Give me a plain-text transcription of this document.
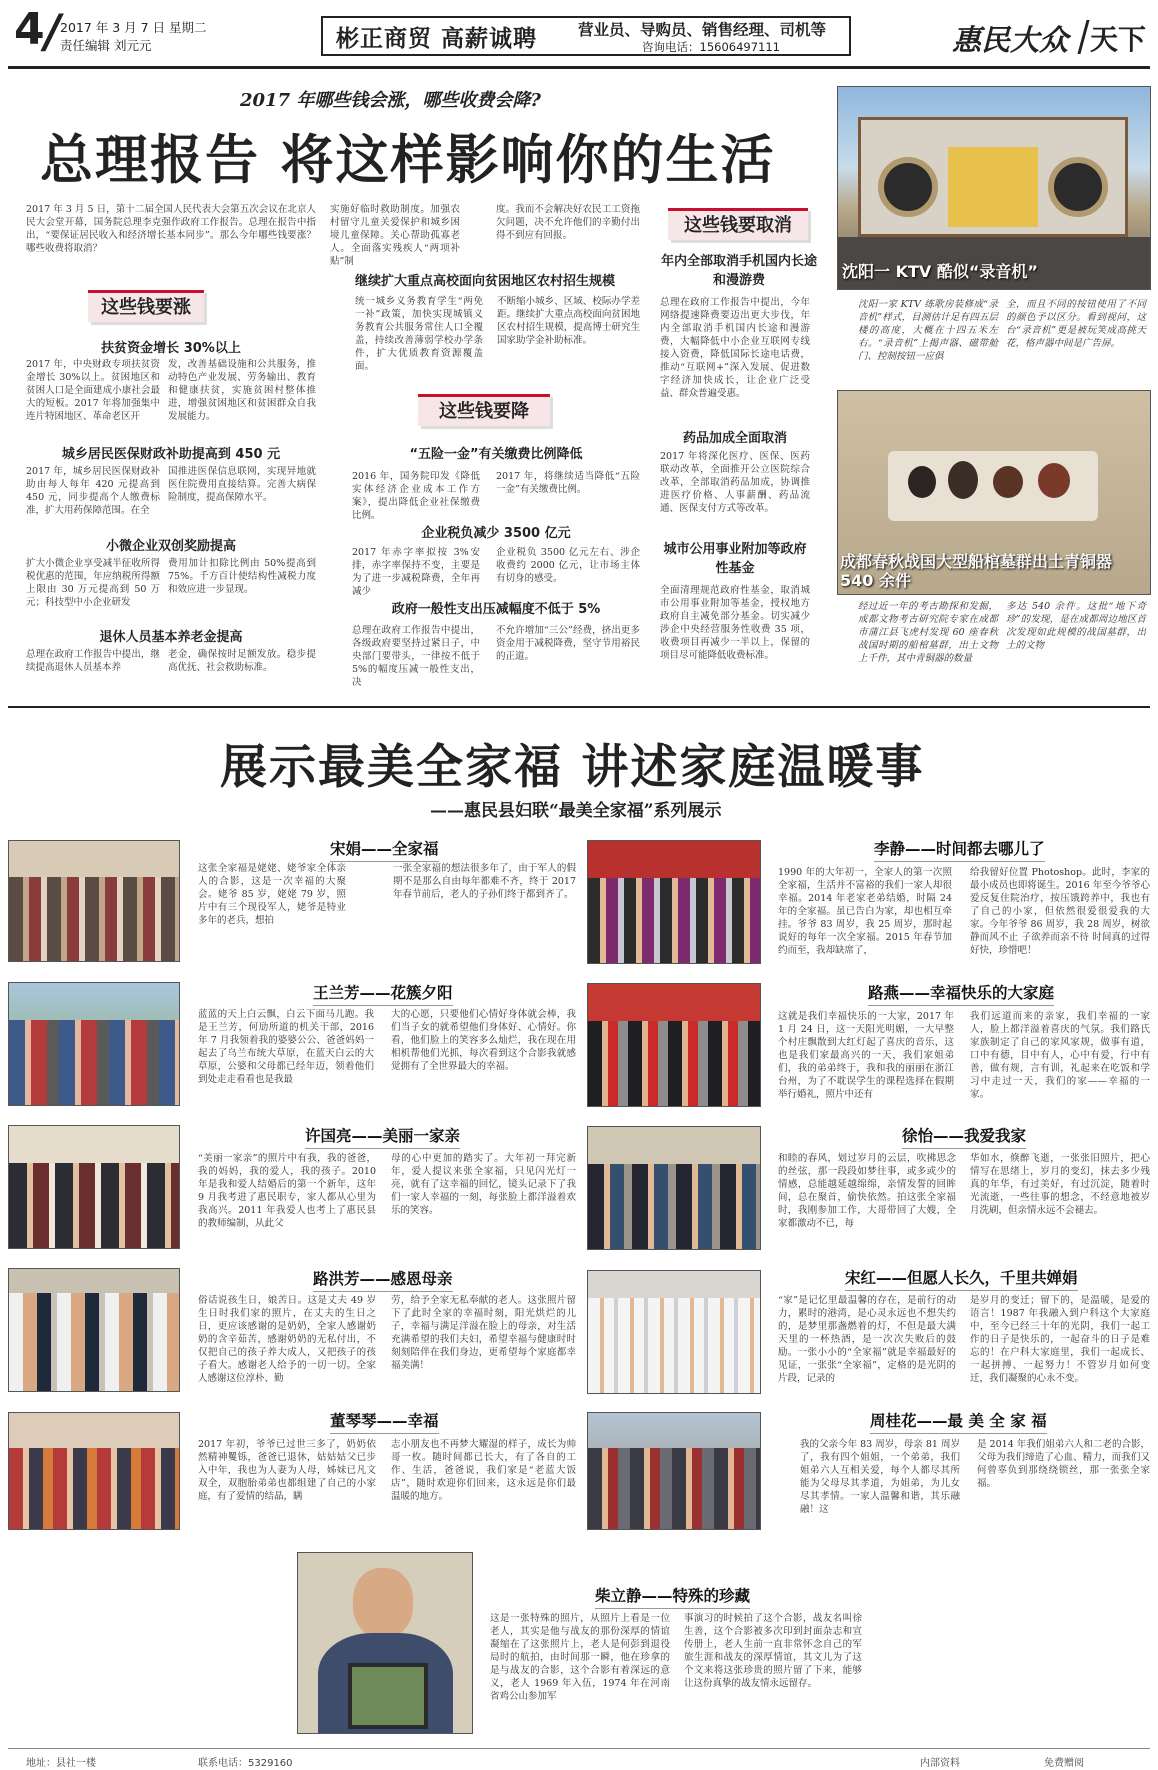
4
/
2017 年 3 月 7 日 星期二
责任编辑 刘元元	彬正商贸 高薪诚聘	营业员、导购员、销售经理、司机等
咨询电话：15606497111	惠民大众 天下
2017 年哪些钱会涨，哪些收费会降?
总理报告 将这样影响你的生活
2017 年 3 月 5 日，第十二届全国人民代表大会第五次会议在北京人民大会堂开幕，国务院总理李克强作政府工作报告。总理在报告中指出，“要保证居民收入和经济增长基本同步”。那么今年哪些钱要涨？哪些收费将取消？
实施好临时救助制度。加强农村留守儿童关爱保护和城乡困境儿童保障。关心帮助孤寡老人。全面落实残疾人“两项补贴”制
度。我而不会解决好农民工工资拖欠问题，决不允许他们的辛勤付出得不到应有回报。
这些钱要涨
扶贫资金增长 30%以上
2017 年，中央财政专项扶贫资金增长 30%以上。贫困地区和贫困人口是全面建成小康社会最大的短板。2017 年将加强集中连片特困地区、革命老区开
发，改善基础设施和公共服务，推动特色产业发展、劳务输出、教育和健康扶贫，实施贫困村整体推进，增强贫困地区和贫困群众自我发展能力。
城乡居民医保财政补助提高到 450 元
2017 年，城乡居民医保财政补助由每人每年 420 元提高到 450 元，同步提高个人缴费标准，扩大用药保障范围。在全
国推进医保信息联网，实现异地就医住院费用直接结算。完善大病保险制度，提高保障水平。
小微企业双创奖励提高
扩大小微企业享受减半征收所得税优惠的范围，年应纳税所得额上限由 30 万元提高到 50 万元；科技型中小企业研发
费用加计扣除比例由 50%提高到 75%。千方百计使结构性减税力度和效应进一步显现。
退休人员基本养老金提高
总理在政府工作报告中提出，继续提高退休人员基本养
老金，确保按时足额发放。稳步提高优抚、社会救助标准。
继续扩大重点高校面向贫困地区农村招生规模
统一城乡义务教育学生“两免一补”政策，加快实现城镇义务教育公共服务常住人口全覆盖，持续改善薄弱学校办学条件，扩大优质教育资源覆盖面。
不断缩小城乡、区域、校际办学差距。继续扩大重点高校面向贫困地区农村招生规模，提高博士研究生国家助学金补助标准。
这些钱要降
“五险一金”有关缴费比例降低
2016 年，国务院印发《降低实体经济企业成本工作方案》，提出降低企业社保缴费比例。
2017 年，将继续适当降低“五险一金”有关缴费比例。
企业税负减少 3500 亿元
2017 年赤字率拟按 3%安排，赤字率保持不变，主要是为了进一步减税降费，全年再减少
企业税负 3500 亿元左右、涉企收费约 2000 亿元，让市场主体有切身的感受。
政府一般性支出压减幅度不低于 5%
总理在政府工作报告中提出，各级政府要坚持过紧日子，中央部门要带头，一律按不低于 5%的幅度压减一般性支出，决
不允许增加“三公”经费，挤出更多资金用于减税降费，坚守节用裕民的正道。
这些钱要取消
年内全部取消手机国内长途和漫游费
总理在政府工作报告中提出，今年网络提速降费要迈出更大步伐，年内全部取消手机国内长途和漫游费，大幅降低中小企业互联网专线接入资费，降低国际长途电话费，推动“互联网+”深入发展、促进数字经济加快成长，让企业广泛受益、群众普遍受惠。
药品加成全面取消
2017 年将深化医疗、医保、医药联动改革，全面推开公立医院综合改革，全部取消药品加成，协调推进医疗价格、人事薪酬、药品流通、医保支付方式等改革。
城市公用事业附加等政府性基金
全面清理规范政府性基金，取消城市公用事业附加等基金，授权地方政府自主减免部分基金。切实减少涉企中央经营服务性收费 35 项，收费项目再减少一半以上，保留的项目尽可能降低收费标准。
沈阳一 KTV 酷似“录音机”
沈阳一家 KTV 练歌房装修成“录音机”样式，目测估计足有四五层楼的高度，大概在十四五米左右。“录音机”上揭声器、磁带舱门、控制按钮一应俱
全，而且不同的按钮使用了不同的颜色予以区分。看到视问，这台“录音机”更是被玩笑成高挑天花，格声器中间是广告屏。
成都春秋战国大型船棺墓群出土青铜器 540 余件
经过近一年的考古勘探和发掘，成都文物考古研究院专家在成都市蒲江县飞虎村发现 60 座春秋战国时期的船棺墓群，出土文物上千件，其中青铜器的数量
多达 540 余件。这批“地下奇珍”的发现，是在成都周边地区首次发现如此规模的战国墓群，出土的文物
展示最美全家福 讲述家庭温暖事
——惠民县妇联“最美全家福”系列展示
宋娟——全家福
这张全家福是姥姥、姥爷家全体亲人的合影，这是一次幸福的大聚会。姥爷 85 岁，姥姥 79 岁，照片中有三个现役军人，姥爷是特业多年的老兵，想拍
一张全家福的想法很多年了，由于军人的假期不是那么自由每年都难不齐，终于 2017 年春节前后，老人的子孙们终于都到齐了。
王兰芳——花簇夕阳
蓝蓝的天上白云飘，白云下面马儿跑。我是王兰芳，何劢所道的机关干部，2016 年 7 月我领着我的婆婆公公、爸爸妈妈一起去了乌兰布统大草原，在蓝天白云的大草原，公婆和父母都已经年迈，领着他们到处走走看看也是我最
大的心愿，只要他们心情好身体就会棒，我们当子女的就希望他们身体好、心情好。你看，他们脸上的笑容多么灿烂，我在现在用相机帮他们光抓，每次看到这个合影我就感觉拥有了全世界最大的幸福。
许国亮——美丽一家亲
“美丽一家亲”的照片中有我，我的爸爸，我的妈妈，我的爱人，我的孩子。2010 年是我和爱人结婚后的第一个新年，这年 9 月我考进了惠民职专，家人都从心里为我高兴。2011 年我爱人也考上了惠民县的教师编制，从此父
母的心中更加的踏实了。大年初一拜完新年，爱人提议来张全家福，只见闪光灯一亮，就有了这幸福的回忆，镜头记录下了我们一家人幸福的一刻，每张脸上都洋溢着欢乐的笑容。
路洪芳——感恩母亲
俗话说孩生日，娘苦日。这是丈夫 49 岁生日时我们家的照片，在丈夫的生日之日，更应该感谢的是奶奶，全家人感谢奶奶的含辛茹苦，感谢奶奶的无私付出，不仅把自己的孩子养大成人，又把孩子的孩子看大。感谢老人给予的一切一切。全家人感谢这位淳朴、勤
劳，给予全家无私奉献的老人。这张照片留下了此时全家的幸福时刻，阳光烘烂的儿子，幸福与满足洋溢在脸上的母亲，对生活充满希望的我们夫妇，希望幸福与健康时时刻刻陪伴在我们身边，更希望每个家庭都幸福美满！
董琴琴——幸福
2017 年初，爷爷已过世三多了，奶奶依然精神矍铄，爸爸已退休，姑姑姑父已步入中年，我也为人妻为人母，姊妹已凡文双全，双胞胎弟弟也都组建了自己的小家庭，有了爱情的结晶，瞒
志小朋友也不再梦大耀湿的样子，成长为帅哥一枚。随时间都已长大，有了各自的工作、生活，爸爸说，我们家是“老蓝大饭店”，随时欢迎你们回来，这永远是你们最温暖的地方。
李静——时间都去哪儿了
1990 年的大年初一，全家人的第一次照全家福，生活并不富裕的我们一家人却很幸福。2014 年老家老弟结婚，时隔 24 年的全家福。虽已告白为家，却也相互牵挂。爷爷 83 周岁，我 25 周岁，那时起说好的每年一次全家福。2015 年春节加约而至，我却缺席了，
给我留好位置 Photoshop。此时，李家的最小成员也即将诞生。2016 年至今爷爷心爱反复住院治疗，按压饿跨养中，我也有了自己的小家，但依然很爱很爱我的大家。今年爷爷 86 周岁，我 28 周岁，树欲静而风不止 子欲养而亲不待 时间真的过得好快，珍惜吧！
路燕——幸福快乐的大家庭
这就是我们幸福快乐的一大家，2017 年 1 月 24 日，这一天阳光明媚，一大早整个村庄飘散到大红灯起了喜庆的音乐，这也是我们家最高兴的一天，我们家姐弟们，我的弟弟终于，我和我的丽丽在浙江台州，为了不耽误学生的课程选择在假期举行婚礼，照片中还有
我们远道而来的亲家，我们幸福的一家人，脸上都洋溢着喜庆的气氛。我们路氏家族制定了自己的家风家规，做事有道，口中有德，目中有人，心中有爱，行中有善，做有规，言有训，礼起来在吃饭和学习中走过一天，我们的家——幸福的一家。
徐怡——我爱我家
和睦的春风，划过岁月的云层，吹拂思念的丝弦，那一段段如梦往事，或多或少的情感，总能越延越绵绵，亲情发誓的回眸间，总在聚首，偷快依然。拍这张全家福时，我刚参加工作，大哥带回了大嫂，全家都激动不已，每
华如水，倏醉飞逝，一张张旧照片，把心情写在思绪上，岁月的变幻，抹去多少残真的年华，有过美好，有过沉淀，随着时光流逝，一些往事的想念，不经意地被岁月洗刷，但亲情永远不会褪去。
宋红——但愿人长久，千里共婵娟
“家”是记忆里最温馨的存在，是前行的动力，累时的港湾，是心灵永远也不想失约的，是梦里那盏燃着的灯，不但是最大满天里的一杯热酒，是一次次失败后的鼓励。一张小小的“全家福”就是幸福最好的见证，一张张“全家福”，定格的是光阴的片段，记录的
是岁月的变迁；留下的，是温暖，是爱的语言！1987 年我融入到户科这个大家庭中，至今已经三十年的光阴，我们一起工作的日子是快乐的，一起奋斗的日子是难忘的！在户科大家庭里，我们一起成长、一起拼搏、一起努力！不管岁月如何变迁，我们凝聚的心永不变。
周桂花——最 美 全 家 福
我的父亲今年 83 周岁，母亲 81 周岁了，我有四个姐姐，一个弟弟，我们姐弟六人互相关爱，每个人都尽其所能为父母尽其孝道，为姐弟，为儿女尽其孝情。一家人温馨和谐，其乐融融！这
是 2014 年我们姐弟六人和二老的合影，父母为我们缔造了心血、精力，而我们又何曾辜负到那绕绕锁丝，那一张张全家福。
柴立静——特殊的珍藏
这是一张特殊的照片，从照片上看是一位老人，其实是他与战友的那份深厚的情谊凝缩在了这张照片上，老人是何彭到退役局时的航拍，由时间那一瞬，他在珍拿的是与战友的合影，这个合影有着深远的意义，老人 1969 年入伍，1974 年在河南省鸡公山参加军
事演习的时候拍了这个合影，战友名叫徐生善，这个合影被多次印到封面杂志和宣传册上，老人生前一直非常怀念自己的军旅生涯和战友的深厚情谊，其文儿为了这个文来将这张珍贵的照片留了下来，能够让这份真挚的战友情永远留存。
地址：县社一楼	联系电话：5329160	内部资料	免费赠阅
